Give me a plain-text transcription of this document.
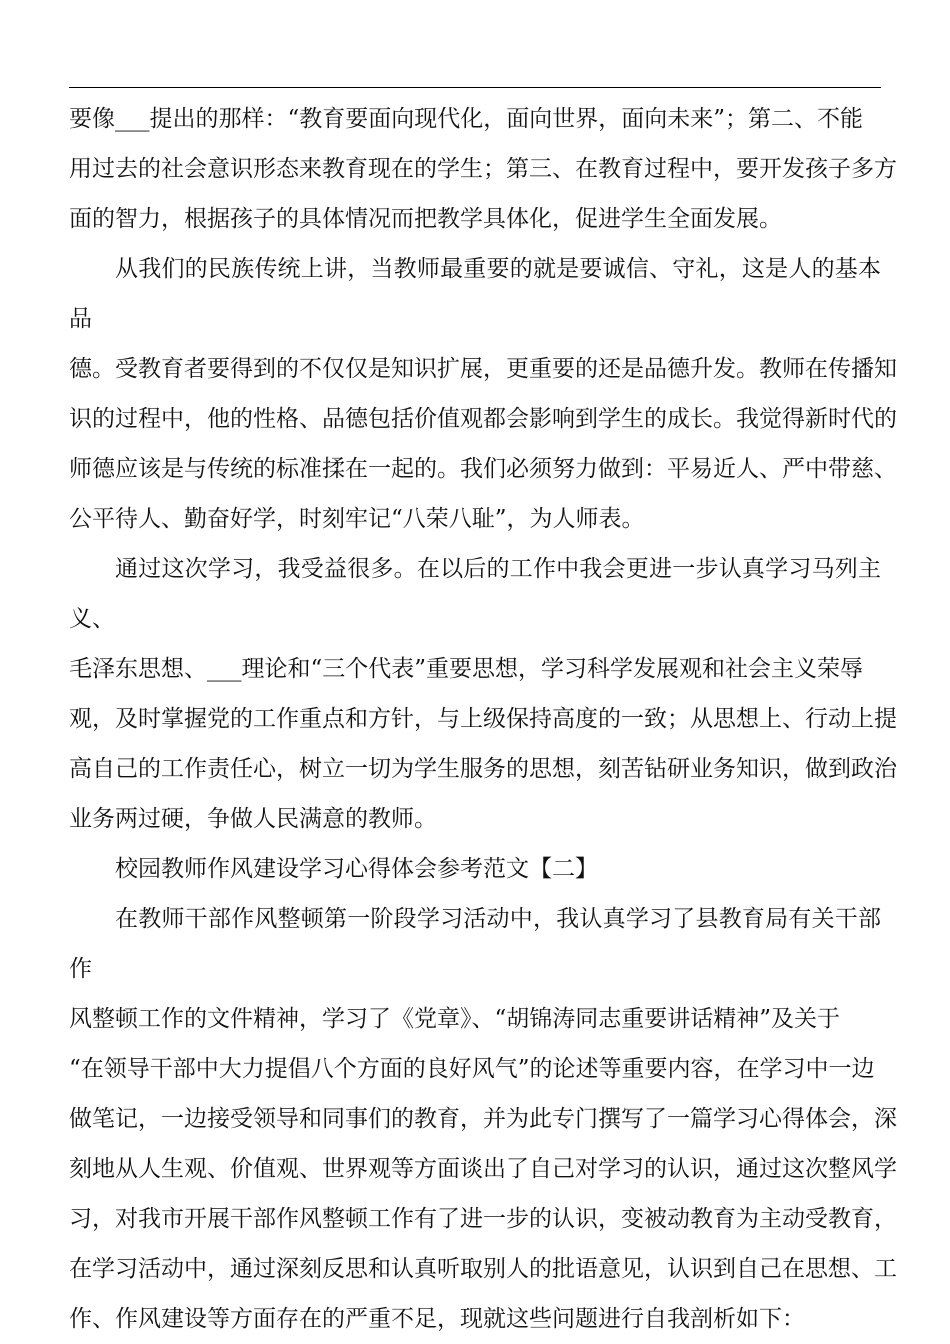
要像___提出的那样：“教育要面向现代化，面向世界，面向未来”；第二、不能
用过去的社会意识形态来教育现在的学生；第三、在教育过程中，要开发孩子多方
面的智力，根据孩子的具体情况而把教学具体化，促进学生全面发展。

从我们的民族传统上讲，当教师最重要的就是要诚信、守礼，这是人的基本品
德。受教育者要得到的不仅仅是知识扩展，更重要的还是品德升发。教师在传播知
识的过程中，他的性格、品德包括价值观都会影响到学生的成长。我觉得新时代的
师德应该是与传统的标准揉在一起的。我们必须努力做到：平易近人、严中带慈、
公平待人、勤奋好学，时刻牢记“八荣八耻”，为人师表。

通过这次学习，我受益很多。在以后的工作中我会更进一步认真学习马列主义、
毛泽东思想、___理论和“三个代表”重要思想，学习科学发展观和社会主义荣辱
观，及时掌握党的工作重点和方针，与上级保持高度的一致；从思想上、行动上提
高自己的工作责任心，树立一切为学生服务的思想，刻苦钻研业务知识，做到政治
业务两过硬，争做人民满意的教师。

校园教师作风建设学习心得体会参考范文【二】

在教师干部作风整顿第一阶段学习活动中，我认真学习了县教育局有关干部作
风整顿工作的文件精神，学习了《党章》、“胡锦涛同志重要讲话精神”及关于
“在领导干部中大力提倡八个方面的良好风气”的论述等重要内容，在学习中一边
做笔记，一边接受领导和同事们的教育，并为此专门撰写了一篇学习心得体会，深
刻地从人生观、价值观、世界观等方面谈出了自己对学习的认识，通过这次整风学
习，对我市开展干部作风整顿工作有了进一步的认识，变被动教育为主动受教育，
在学习活动中，通过深刻反思和认真听取别人的批语意见，认识到自己在思想、工
作、作风建设等方面存在的严重不足，现就这些问题进行自我剖析如下：
